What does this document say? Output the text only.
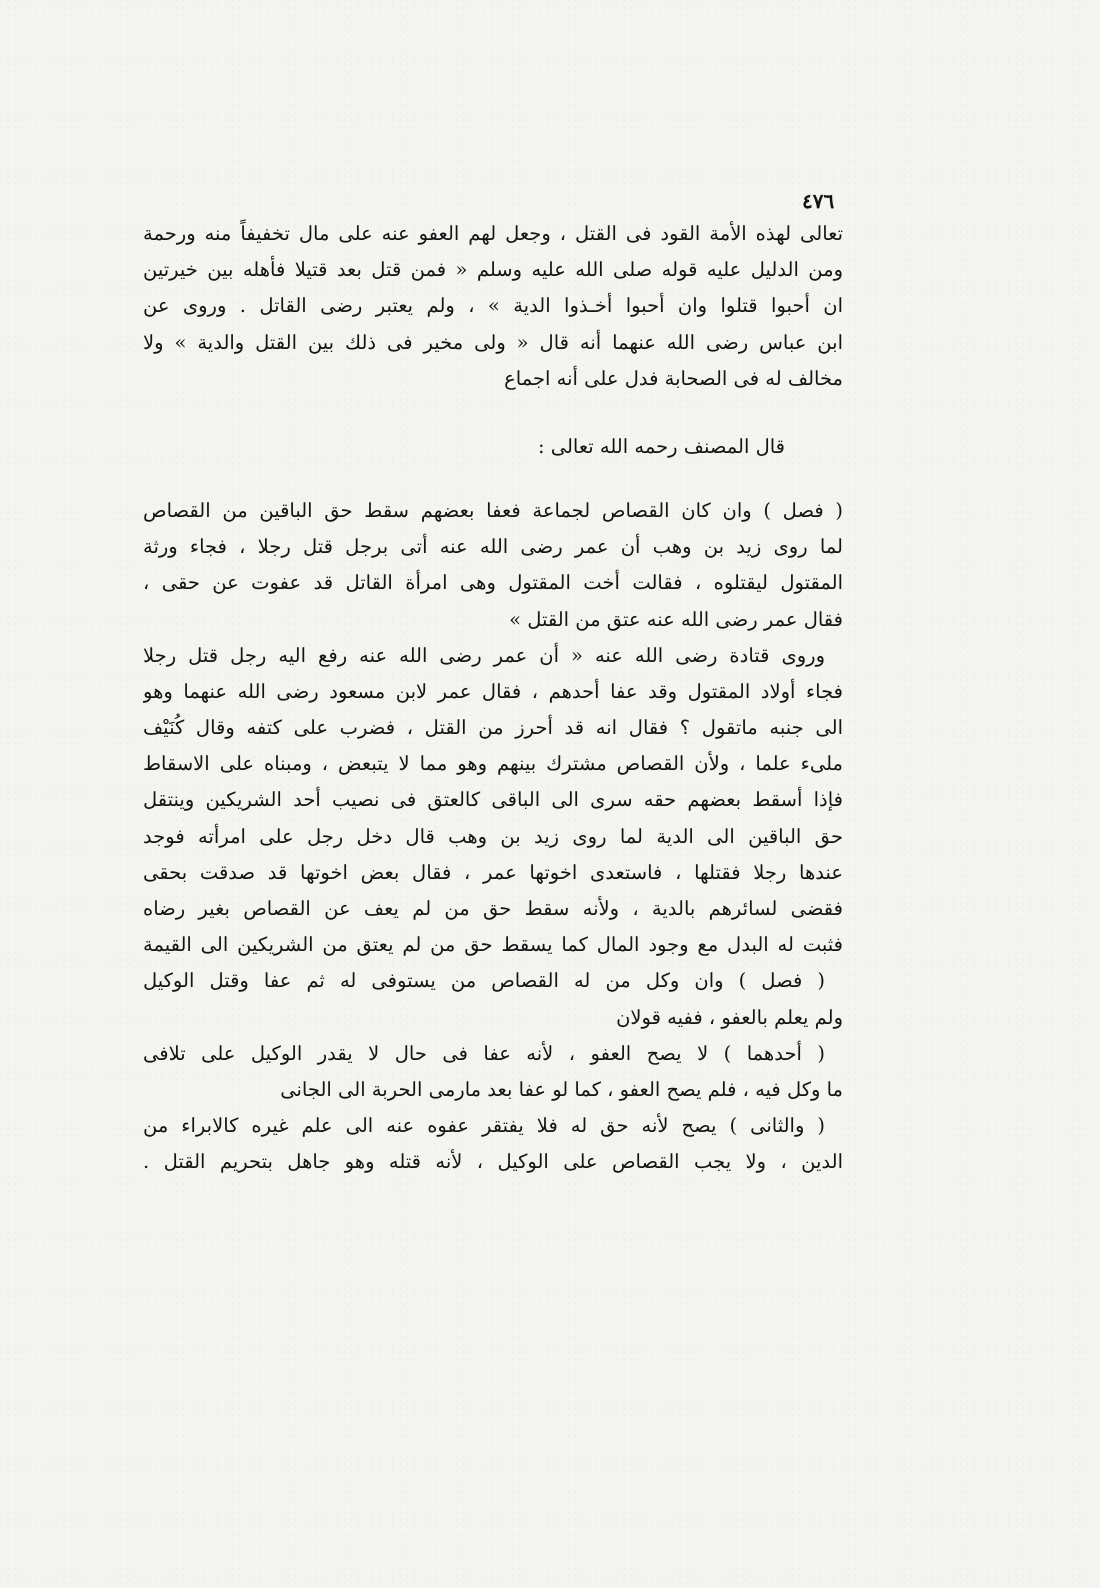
٤٧٦
تعالى لهذه الأمة القود فى القتل ، وجعل لهم العفو عنه على مال تخفيفاً منه ورحمة
ومن الدليل عليه قوله صلى الله عليه وسلم « فمن قتل بعد قتيلا فأهله بين خيرتين
ان أحبوا قتلوا وان أحبوا أخـذوا الدية » ، ولم يعتبر رضى القاتل . وروى عن
ابن عباس رضى الله عنهما أنه قال « ولى مخير فى ذلك بين القتل والدية » ولا
مخالف له فى الصحابة فدل على أنه اجماع
قال المصنف رحمه الله تعالى :
( فصل ) وان كان القصاص لجماعة فعفا بعضهم سقط حق الباقين من القصاص
لما روى زيد بن وهب أن عمر رضى الله عنه أتى برجل قتل رجلا ، فجاء ورثة
المقتول ليقتلوه ، فقالت أخت المقتول وهى امرأة القاتل قد عفوت عن حقى ،
فقال عمر رضى الله عنه عتق من القتل »
وروى قتادة رضى الله عنه « أن عمر رضى الله عنه رفع اليه رجل قتل رجلا
فجاء أولاد المقتول وقد عفا أحدهم ، فقال عمر لابن مسعود رضى الله عنهما وهو
الى جنبه ماتقول ؟ فقال انه قد أحرز من القتل ، فضرب على كتفه وقال كُنَيْف
ملىء علما ، ولأن القصاص مشترك بينهم وهو مما لا يتبعض ، ومبناه على الاسقاط
فإذا أسقط بعضهم حقه سرى الى الباقى كالعتق فى نصيب أحد الشريكين وينتقل
حق الباقين الى الدية لما روى زيد بن وهب قال دخل رجل على امرأته فوجد
عندها رجلا فقتلها ، فاستعدى اخوتها عمر ، فقال بعض اخوتها قد صدقت بحقى
فقضى لسائرهم بالدية ، ولأنه سقط حق من لم يعف عن القصاص بغير رضاه
فثبت له البدل مع وجود المال كما يسقط حق من لم يعتق من الشريكين الى القيمة
( فصل ) وان وكل من له القصاص من يستوفى له ثم عفا وقتل الوكيل
ولم يعلم بالعفو ، ففيه قولان
( أحدهما ) لا يصح العفو ، لأنه عفا فى حال لا يقدر الوكيل على تلافى
ما وكل فيه ، فلم يصح العفو ، كما لو عفا بعد مارمى الحربة الى الجانى
( والثانى ) يصح لأنه حق له فلا يفتقر عفوه عنه الى علم غيره كالابراء من
الدين ، ولا يجب القصاص على الوكيل ، لأنه قتله وهو جاهل بتحريم القتل .
